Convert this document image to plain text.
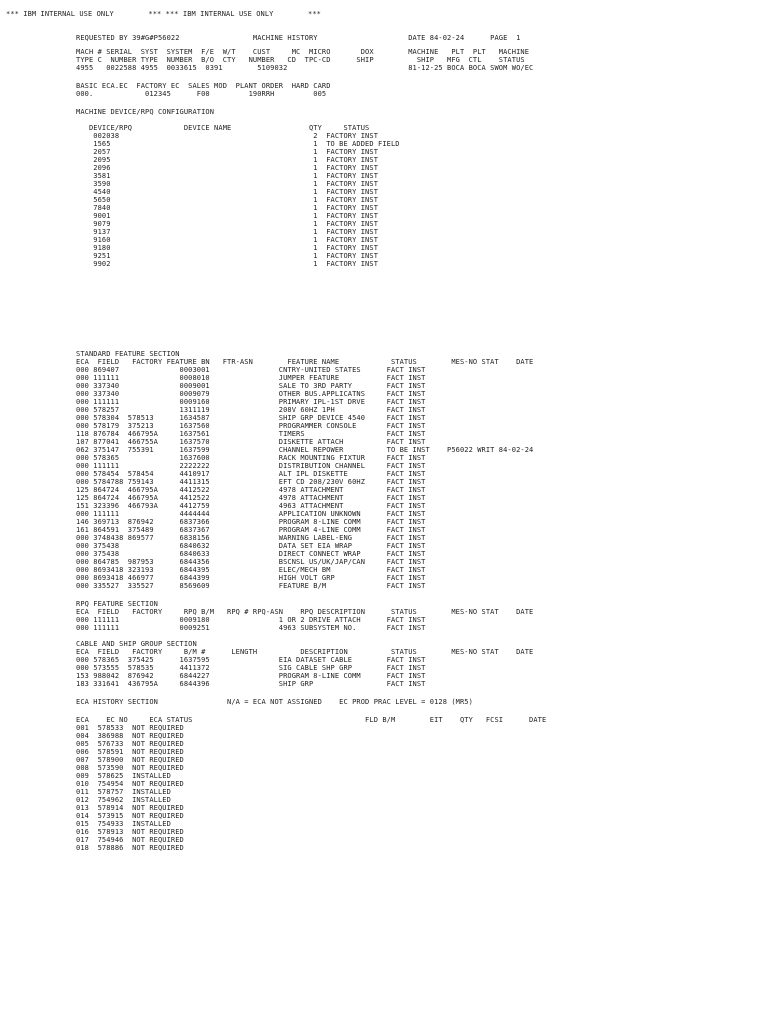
*** IBM INTERNAL USE ONLY        *** *** IBM INTERNAL USE ONLY        ***
REQUESTED BY 39#G#P56022                 MACHINE HISTORY                     DATE 84-02-24      PAGE  1
MACH # SERIAL  SYST  SYSTEM  F/E  W/T    CUST     MC  MICRO       DOX        MACHINE   PLT  PLT   MACHINE
TYPE C  NUMBER TYPE  NUMBER  B/O  CTY   NUMBER   CD  TPC-CD      SHIP          SHIP   MFG  CTL    STATUS
4955   0022588 4955  0033615  0391        5109032                            81-12-25 BOCA BOCA SWOM WO/EC
BASIC ECA.EC  FACTORY EC  SALES MOD  PLANT ORDER  HARD CARD
000.            012345      F00         190RRH         005
MACHINE DEVICE/RPQ CONFIGURATION
DEVICE/RPQ            DEVICE NAME                  QTY     STATUS
002038                                             2  FACTORY INST
1565                                               1  TO BE ADDED FIELD
2057                                               1  FACTORY INST
2095                                               1  FACTORY INST
2096                                               1  FACTORY INST
3581                                               1  FACTORY INST
3590                                               1  FACTORY INST
4540                                               1  FACTORY INST
5650                                               1  FACTORY INST
7840                                               1  FACTORY INST
9001                                               1  FACTORY INST
9079                                               1  FACTORY INST
9137                                               1  FACTORY INST
9160                                               1  FACTORY INST
9180                                               1  FACTORY INST
9251                                               1  FACTORY INST
9902                                               1  FACTORY INST
STANDARD FEATURE SECTION
ECA  FIELD   FACTORY FEATURE BN   FTR-ASN        FEATURE NAME            STATUS        MES-NO STAT    DATE
000 869407              0003001                CNTRY-UNITED STATES      FACT INST
000 111111              0008010                JUMPER FEATURE           FACT INST
000 337340              0009001                SALE TO 3RD PARTY        FACT INST
000 337340              0009079                OTHER BUS.APPLICATNS     FACT INST
000 111111              0009160                PRIMARY IPL-1ST DRVE     FACT INST
000 578257              1311119                208V 60HZ 1PH            FACT INST
000 578304  578513      1634587                SHIP GRP DEVICE 4540     FACT INST
000 578179  375213      1637560                PROGRAMMER CONSOLE       FACT INST
118 876784  466795A     1637561                TIMERS                   FACT INST
107 877041  466755A     1637570                DISKETTE ATTACH          FACT INST
062 375147  755391      1637599                CHANNEL REPOWER          TO BE INST    P56022 WRIT 84-02-24
000 578365              1637600                RACK MOUNTING FIXTUR     FACT INST
000 111111              2222222                DISTRIBUTION CHANNEL     FACT INST
000 578454  578454      4410917                ALT IPL DISKETTE         FACT INST
000 5784788 759143      4411315                EFT CD 208/230V 60HZ     FACT INST
125 864724  466795A     4412522                4978 ATTACHMENT          FACT INST
125 864724  466795A     4412522                4978 ATTACHMENT          FACT INST
151 323396  466793A     4412759                4963 ATTACHMENT          FACT INST
000 111111              4444444                APPLICATION UNKNOWN      FACT INST
146 369713  876942      6837366                PROGRAM 8-LINE COMM      FACT INST
161 864591  375489      6837367                PROGRAM 4-LINE COMM      FACT INST
000 3748438 869577      6838156                WARNING LABEL-ENG        FACT INST
000 375438              6840632                DATA SET EIA WRAP        FACT INST
000 375438              6840633                DIRECT CONNECT WRAP      FACT INST
000 864785  987953      6844356                BSCNSL US/UK/JAP/CAN     FACT INST
000 8693418 323193      6844395                ELEC/MECH BM             FACT INST
000 8693418 466977      6844399                HIGH VOLT GRP            FACT INST
000 335527  335527      8569609                FEATURE B/M              FACT INST
RPQ FEATURE SECTION
ECA  FIELD   FACTORY     RPQ B/M   RPQ # RPQ-ASN    RPQ DESCRIPTION      STATUS        MES-NO STAT    DATE
000 111111              0009180                1 OR 2 DRIVE ATTACH      FACT INST
000 111111              0009251                4963 SUBSYSTEM NO.       FACT INST
CABLE AND SHIP GROUP SECTION
ECA  FIELD   FACTORY     B/M #      LENGTH          DESCRIPTION          STATUS        MES-NO STAT    DATE
000 578365  375425      1637595                EIA DATASET CABLE        FACT INST
000 573555  578535      4411372                SIG CABLE SHP GRP        FACT INST
153 988042  876942      6844227                PROGRAM 8-LINE COMM      FACT INST
183 331641  436795A     6844396                SHIP GRP                 FACT INST
ECA HISTORY SECTION                N/A = ECA NOT ASSIGNED    EC PROD PRAC LEVEL = 0128 (MR5)
ECA    EC NO     ECA STATUS                                        FLD B/M        EIT    QTY   FCSI      DATE
001  578533  NOT REQUIRED
004  386988  NOT REQUIRED
005  576733  NOT REQUIRED
006  578591  NOT REQUIRED
007  578900  NOT REQUIRED
008  573590  NOT REQUIRED
009  578625  INSTALLED
010  754954  NOT REQUIRED
011  578757  INSTALLED
012  754962  INSTALLED
013  578914  NOT REQUIRED
014  573915  NOT REQUIRED
015  754933  INSTALLED
016  578913  NOT REQUIRED
017  754946  NOT REQUIRED
018  578886  NOT REQUIRED
